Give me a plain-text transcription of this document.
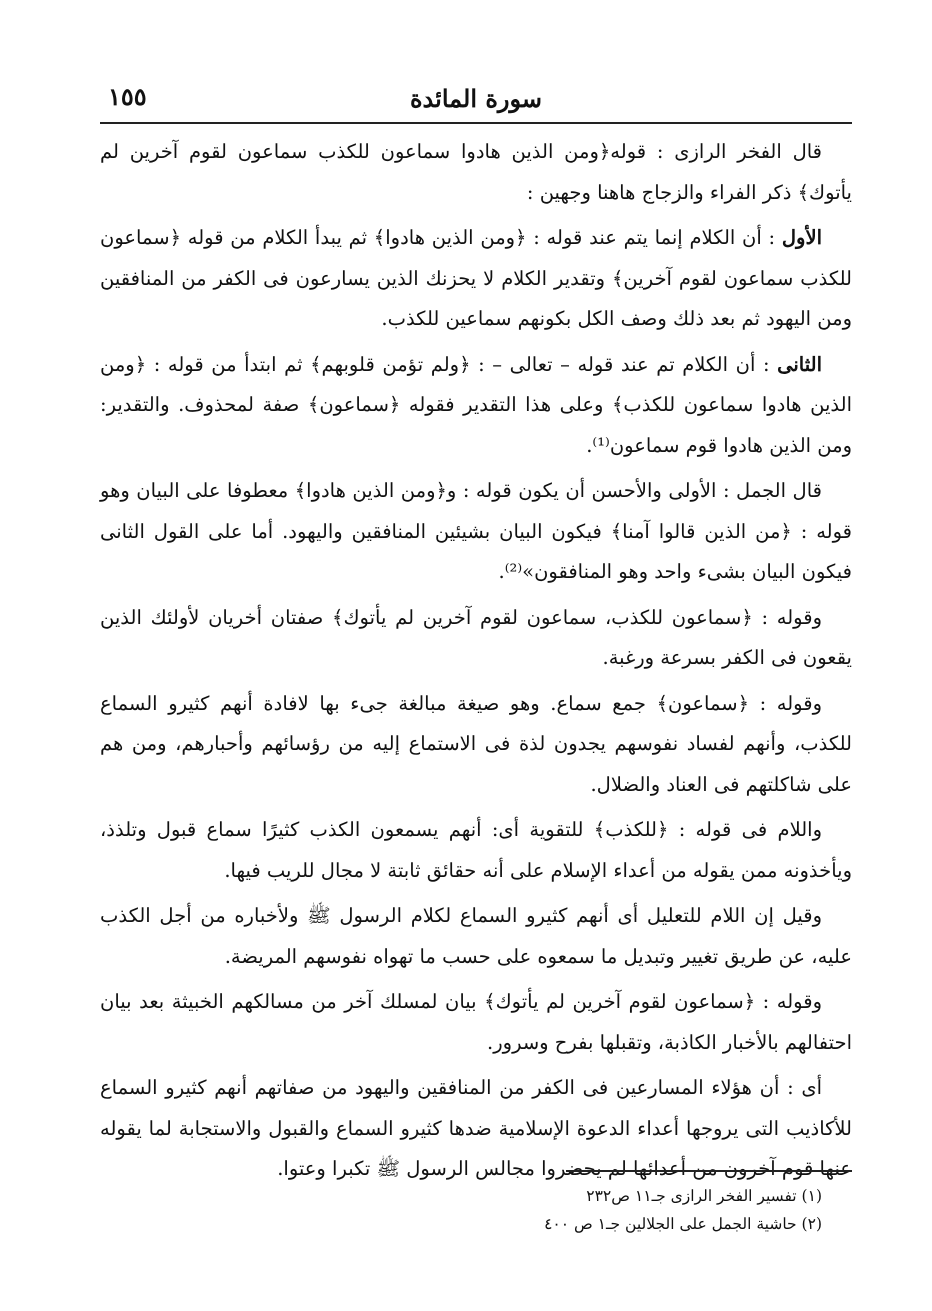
سورة المائدة
١٥٥

قال الفخر الرازى : قوله﴿ومن الذين هادوا سماعون للكذب سماعون لقوم آخرين لم يأتوك﴾ ذكر الفراء والزجاج هاهنا وجهين :

الأول : أن الكلام إنما يتم عند قوله : ﴿ومن الذين هادوا﴾ ثم يبدأ الكلام من قوله ﴿سماعون للكذب سماعون لقوم آخرين﴾ وتقدير الكلام لا يحزنك الذين يسارعون فى الكفر من المنافقين ومن اليهود ثم بعد ذلك وصف الكل بكونهم سماعين للكذب.

الثانى : أن الكلام تم عند قوله – تعالى – : ﴿ولم تؤمن قلوبهم﴾ ثم ابتدأ من قوله : ﴿ومن الذين هادوا سماعون للكذب﴾ وعلى هذا التقدير فقوله ﴿سماعون﴾ صفة لمحذوف. والتقدير: ومن الذين هادوا قوم سماعون⁽¹⁾.

قال الجمل : الأولى والأحسن أن يكون قوله : و﴿ومن الذين هادوا﴾ معطوفا على البيان وهو قوله : ﴿من الذين قالوا آمنا﴾ فيكون البيان بشيئين المنافقين واليهود. أما على القول الثانى فيكون البيان بشىء واحد وهو المنافقون»⁽²⁾.

وقوله : ﴿سماعون للكذب، سماعون لقوم آخرين لم يأتوك﴾ صفتان أخريان لأولئك الذين يقعون فى الكفر بسرعة ورغبة.

وقوله : ﴿سماعون﴾ جمع سماع. وهو صيغة مبالغة جىء بها لافادة أنهم كثيرو السماع للكذب، وأنهم لفساد نفوسهم يجدون لذة فى الاستماع إليه من رؤسائهم وأحبارهم، ومن هم على شاكلتهم فى العناد والضلال.

واللام فى قوله : ﴿للكذب﴾ للتقوية أى: أنهم يسمعون الكذب كثيرًا سماع قبول وتلذذ، ويأخذونه ممن يقوله من أعداء الإسلام على أنه حقائق ثابتة لا مجال للريب فيها.

وقيل إن اللام للتعليل أى أنهم كثيرو السماع لكلام الرسول ﷺ ولأخباره من أجل الكذب عليه، عن طريق تغيير وتبديل ما سمعوه على حسب ما تهواه نفوسهم المريضة.

وقوله : ﴿سماعون لقوم آخرين لم يأتوك﴾ بيان لمسلك آخر من مسالكهم الخبيثة بعد بيان احتفالهم بالأخبار الكاذبة، وتقبلها بفرح وسرور.

أى : أن هؤلاء المسارعين فى الكفر من المنافقين واليهود من صفاتهم أنهم كثيرو السماع للأكاذيب التى يروجها أعداء الدعوة الإسلامية ضدها كثيرو السماع والقبول والاستجابة لما يقوله عنها قوم آخرون من أعدائها لم يحضروا مجالس الرسول ﷺ تكبرا وعتوا.

(١) تفسير الفخر الرازى جـ١١ ص٢٣٢
(٢) حاشية الجمل على الجلالين جـ١ ص ٤٠٠
